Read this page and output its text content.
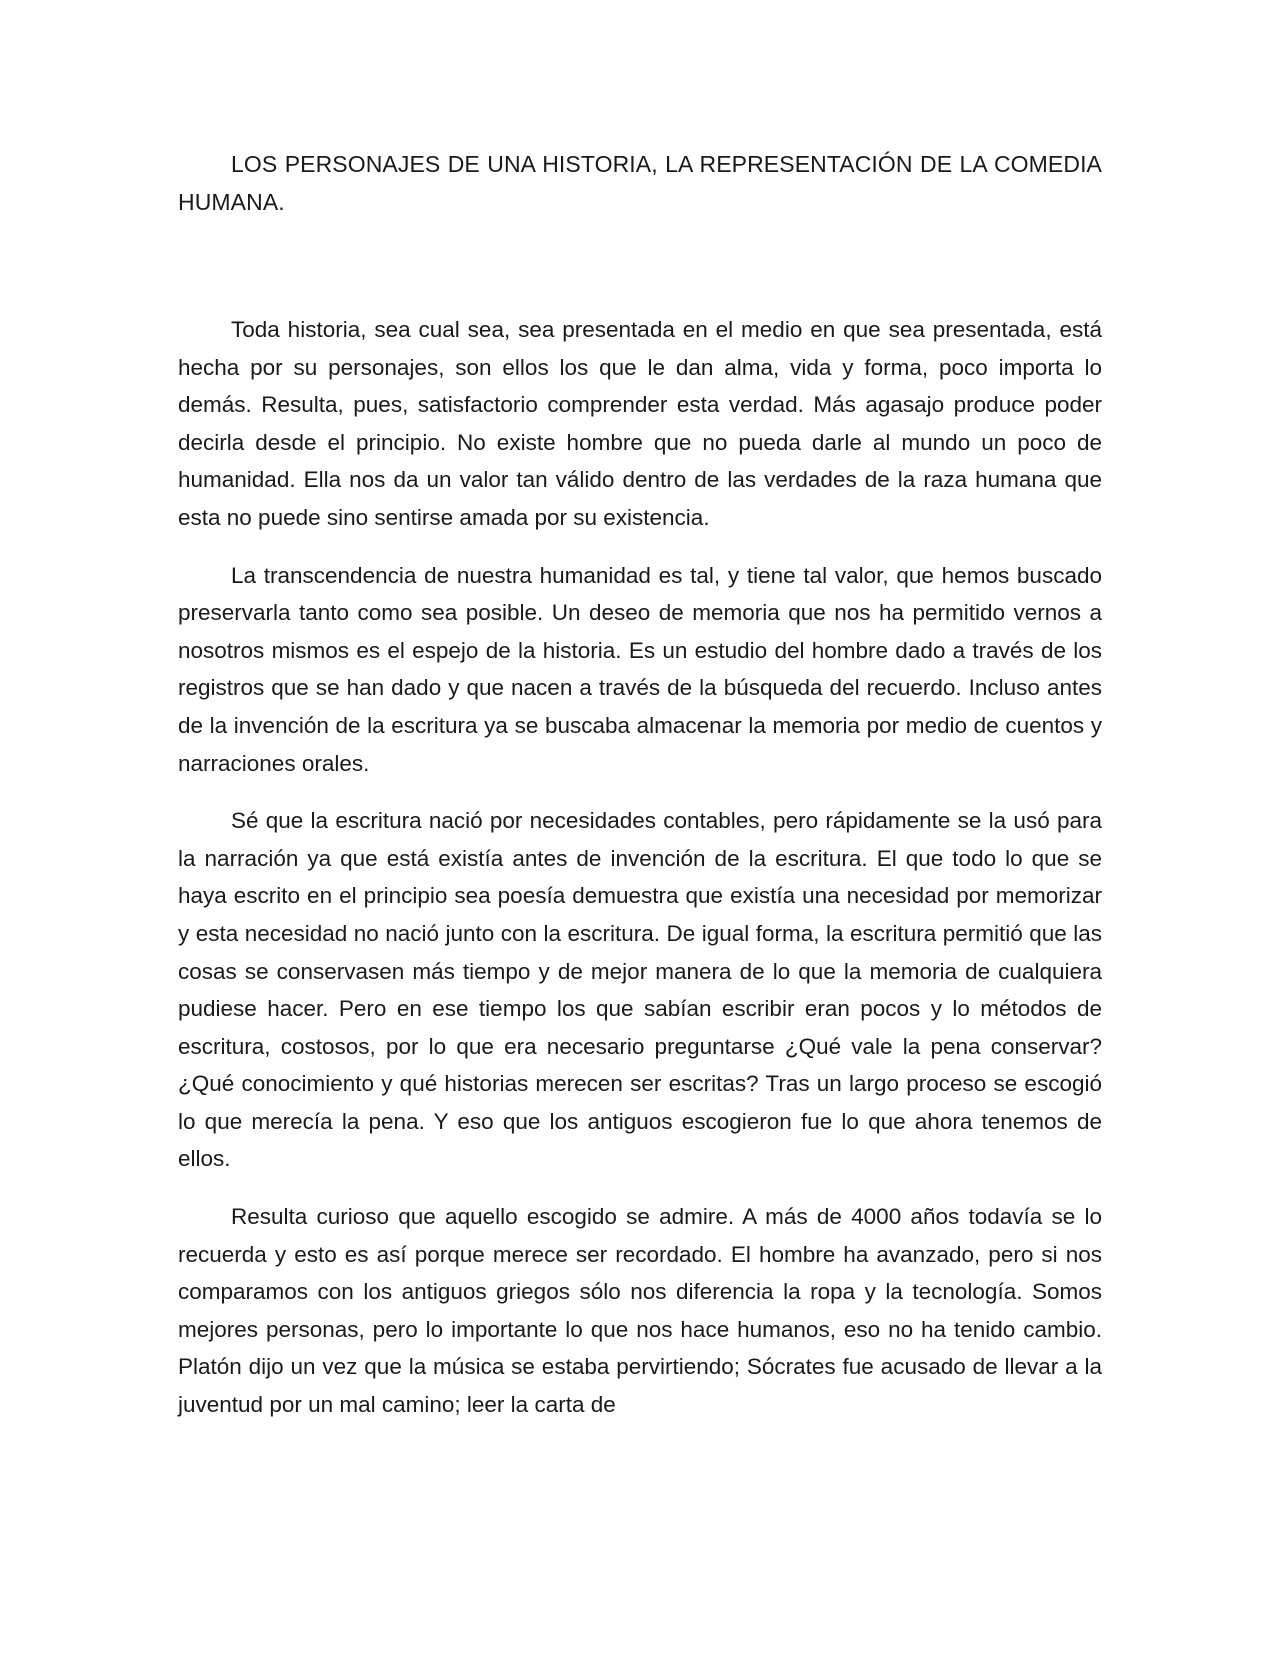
LOS PERSONAJES DE UNA HISTORIA, LA REPRESENTACIÓN DE LA COMEDIA HUMANA.

Toda historia, sea cual sea, sea presentada en el medio en que sea presentada, está hecha por su personajes, son ellos los que le dan alma, vida y forma, poco importa lo demás. Resulta, pues, satisfactorio comprender esta verdad. Más agasajo produce poder decirla desde el principio. No existe hombre que no pueda darle al mundo un poco de humanidad. Ella nos da un valor tan válido dentro de las verdades de la raza humana que esta no puede sino sentirse amada por su existencia.

La transcendencia de nuestra humanidad es tal, y tiene tal valor, que hemos buscado preservarla tanto como sea posible. Un deseo de memoria que nos ha permitido vernos a nosotros mismos es el espejo de la historia. Es un estudio del hombre dado a través de los registros que se han dado y que nacen a través de la búsqueda del recuerdo. Incluso antes de la invención de la escritura ya se buscaba almacenar la memoria por medio de cuentos y narraciones orales.

Sé que la escritura nació por necesidades contables, pero rápidamente se la usó para la narración ya que está existía antes de invención de la escritura. El que todo lo que se haya escrito en el principio sea poesía demuestra que existía una necesidad por memorizar y esta necesidad no nació junto con la escritura. De igual forma, la escritura permitió que las cosas se conservasen más tiempo y de mejor manera de lo que la memoria de cualquiera pudiese hacer. Pero en ese tiempo los que sabían escribir eran pocos y lo métodos de escritura, costosos, por lo que era necesario preguntarse ¿Qué vale la pena conservar? ¿Qué conocimiento y qué historias merecen ser escritas? Tras un largo proceso se escogió lo que merecía la pena. Y eso que los antiguos escogieron fue lo que ahora tenemos de ellos.

Resulta curioso que aquello escogido se admire. A más de 4000 años todavía se lo recuerda y esto es así porque merece ser recordado. El hombre ha avanzado, pero si nos comparamos con los antiguos griegos sólo nos diferencia la ropa y la tecnología. Somos mejores personas, pero lo importante lo que nos hace humanos, eso no ha tenido cambio. Platón dijo un vez que la música se estaba pervirtiendo; Sócrates fue acusado de llevar a la juventud por un mal camino; leer la carta de
